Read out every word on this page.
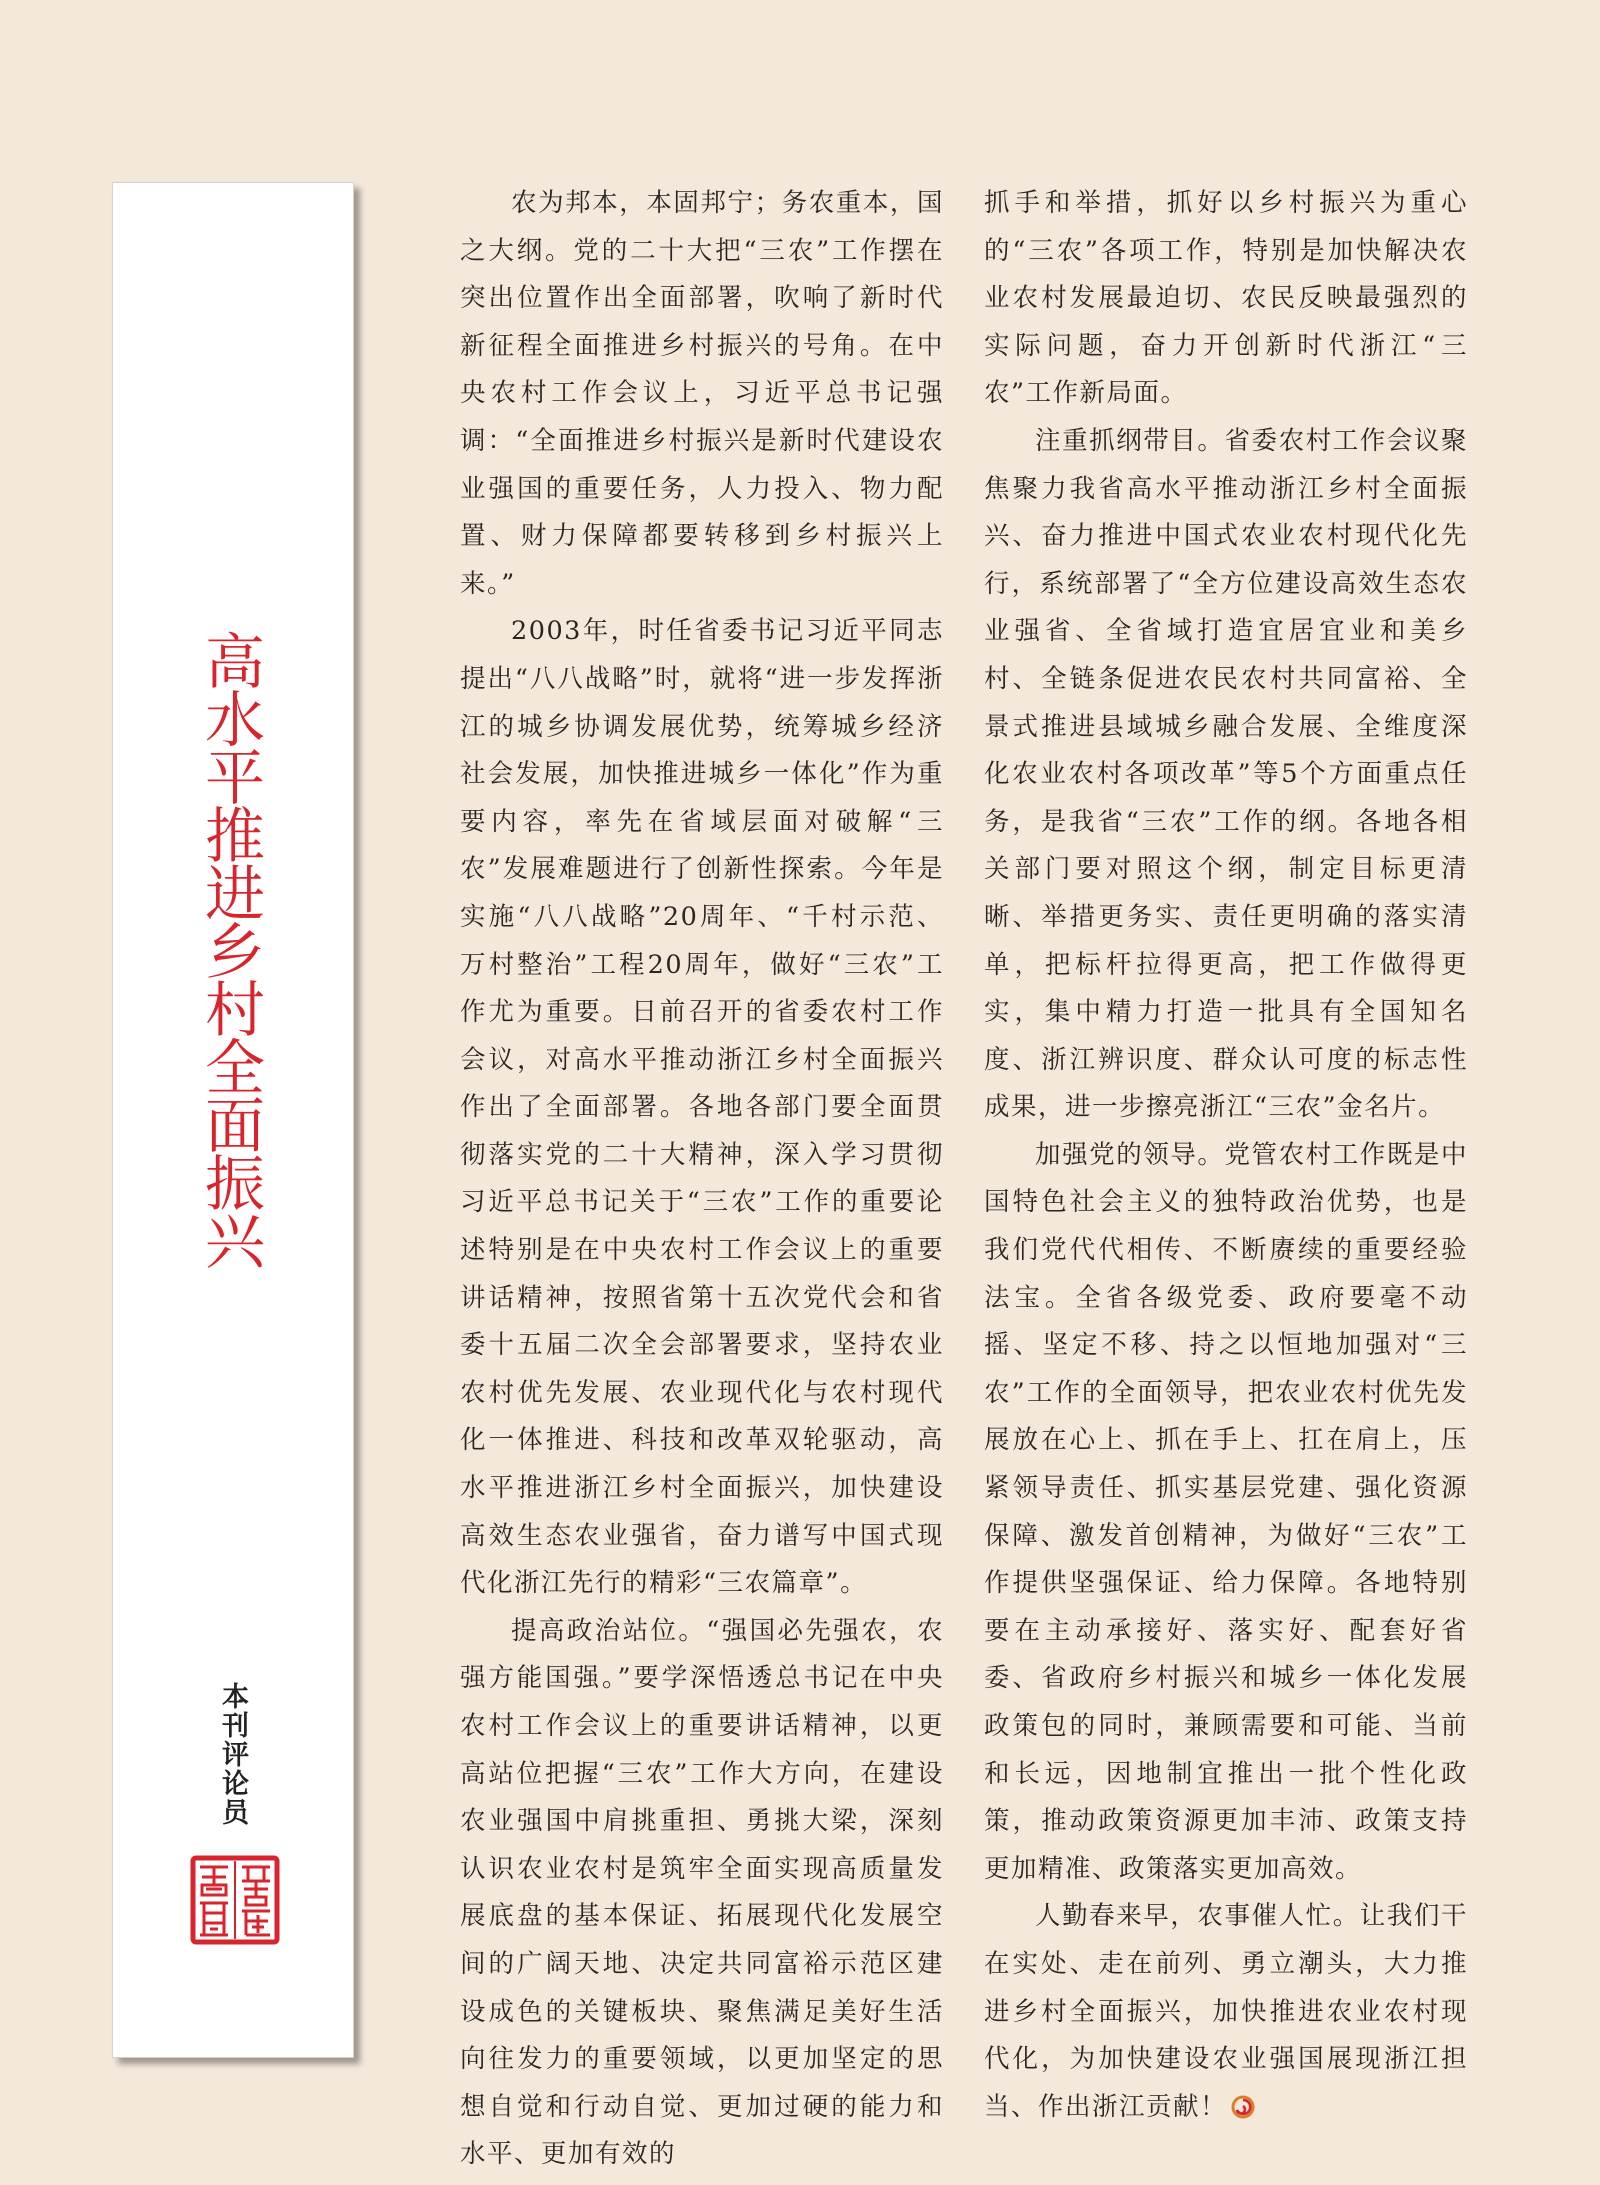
高水平推进乡村全面振兴
本刊评论员

农为邦本，本固邦宁；务农重本，国之大纲。党的二十大把“三农”工作摆在突出位置作出全面部署，吹响了新时代新征程全面推进乡村振兴的号角。在中央农村工作会议上，习近平总书记强调：“全面推进乡村振兴是新时代建设农业强国的重要任务，人力投入、物力配置、财力保障都要转移到乡村振兴上来。”

2003年，时任省委书记习近平同志提出“八八战略”时，就将“进一步发挥浙江的城乡协调发展优势，统筹城乡经济社会发展，加快推进城乡一体化”作为重要内容，率先在省域层面对破解“三农”发展难题进行了创新性探索。今年是实施“八八战略”20周年、“千村示范、万村整治”工程20周年，做好“三农”工作尤为重要。日前召开的省委农村工作会议，对高水平推动浙江乡村全面振兴作出了全面部署。各地各部门要全面贯彻落实党的二十大精神，深入学习贯彻习近平总书记关于“三农”工作的重要论述特别是在中央农村工作会议上的重要讲话精神，按照省第十五次党代会和省委十五届二次全会部署要求，坚持农业农村优先发展、农业现代化与农村现代化一体推进、科技和改革双轮驱动，高水平推进浙江乡村全面振兴，加快建设高效生态农业强省，奋力谱写中国式现代化浙江先行的精彩“三农篇章”。

提高政治站位。“强国必先强农，农强方能国强。”要学深悟透总书记在中央农村工作会议上的重要讲话精神，以更高站位把握“三农”工作大方向，在建设农业强国中肩挑重担、勇挑大梁，深刻认识农业农村是筑牢全面实现高质量发展底盘的基本保证、拓展现代化发展空间的广阔天地、决定共同富裕示范区建设成色的关键板块、聚焦满足美好生活向往发力的重要领域，以更加坚定的思想自觉和行动自觉、更加过硬的能力和水平、更加有效的

抓手和举措，抓好以乡村振兴为重心的“三农”各项工作，特别是加快解决农业农村发展最迫切、农民反映最强烈的实际问题，奋力开创新时代浙江“三农”工作新局面。

注重抓纲带目。省委农村工作会议聚焦聚力我省高水平推动浙江乡村全面振兴、奋力推进中国式农业农村现代化先行，系统部署了“全方位建设高效生态农业强省、全省域打造宜居宜业和美乡村、全链条促进农民农村共同富裕、全景式推进县域城乡融合发展、全维度深化农业农村各项改革”等5个方面重点任务，是我省“三农”工作的纲。各地各相关部门要对照这个纲，制定目标更清晰、举措更务实、责任更明确的落实清单，把标杆拉得更高，把工作做得更实，集中精力打造一批具有全国知名度、浙江辨识度、群众认可度的标志性成果，进一步擦亮浙江“三农”金名片。

加强党的领导。党管农村工作既是中国特色社会主义的独特政治优势，也是我们党代代相传、不断赓续的重要经验法宝。全省各级党委、政府要毫不动摇、坚定不移、持之以恒地加强对“三农”工作的全面领导，把农业农村优先发展放在心上、抓在手上、扛在肩上，压紧领导责任、抓实基层党建、强化资源保障、激发首创精神，为做好“三农”工作提供坚强保证、给力保障。各地特别要在主动承接好、落实好、配套好省委、省政府乡村振兴和城乡一体化发展政策包的同时，兼顾需要和可能、当前和长远，因地制宜推出一批个性化政策，推动政策资源更加丰沛、政策支持更加精准、政策落实更加高效。

人勤春来早，农事催人忙。让我们干在实处、走在前列、勇立潮头，大力推进乡村全面振兴，加快推进农业农村现代化，为加快建设农业强国展现浙江担当、作出浙江贡献！
